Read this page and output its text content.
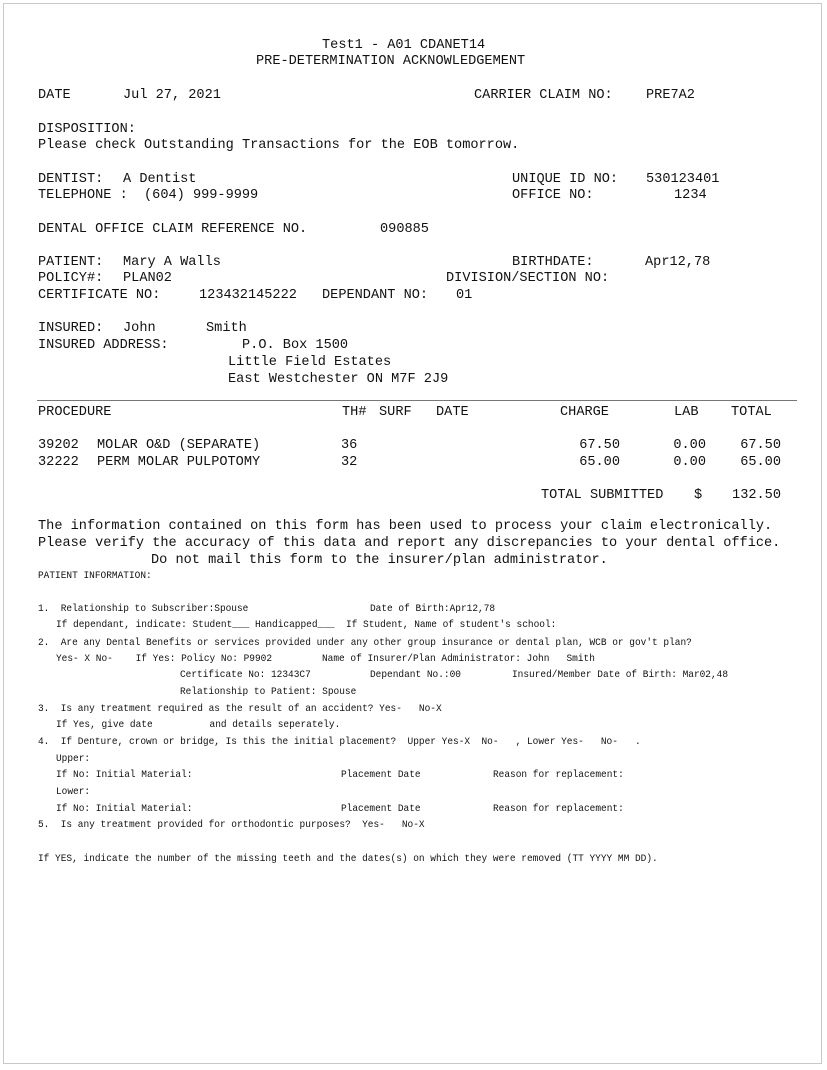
Test1 - A01 CDANET14
PRE-DETERMINATION ACKNOWLEDGEMENT
DATE	Jul 27, 2021	CARRIER CLAIM NO: PRE7A2
DISPOSITION:
Please check Outstanding Transactions for the EOB tomorrow.
DENTIST: A Dentist	UNIQUE ID NO: 530123401
TELEPHONE : (604) 999-9999	OFFICE NO:	1234
DENTAL OFFICE CLAIM REFERENCE NO.	090885
PATIENT: Mary A Walls	BIRTHDATE:	Apr12,78
POLICY#: PLAN02	DIVISION/SECTION NO:
CERTIFICATE NO:	123432145222 DEPENDANT NO: 01
INSURED: John	Smith
INSURED ADDRESS:	P.O. Box 1500
Little Field Estates
East Westchester ON M7F 2J9
PROCEDURE	TH# SURF DATE	CHARGE	LAB TOTAL
39202 MOLAR O&D (SEPARATE)	36	67.50	0.00	67.50
32222 PERM MOLAR PULPOTOMY	32	65.00	0.00	65.00
TOTAL SUBMITTED $ 132.50
The information contained on this form has been used to process your claim electronically.
Please verify the accuracy of this data and report any discrepancies to your dental office.
Do not mail this form to the insurer/plan administrator.
PATIENT INFORMATION:
1.  Relationship to Subscriber:Spouse	Date of Birth:Apr12,78
If dependant, indicate: Student___ Handicapped___  If Student, Name of student's school:
2.  Are any Dental Benefits or services provided under any other group insurance or dental plan, WCB or gov't plan?
Yes- X No-    If Yes: Policy No: P9902	Name of Insurer/Plan Administrator: John   Smith
Certificate No: 12343C7	Dependant No.:00	Insured/Member Date of Birth: Mar02,48
Relationship to Patient: Spouse
3.  Is any treatment required as the result of an accident? Yes-   No-X
If Yes, give date          and details seperately.
4.  If Denture, crown or bridge, Is this the initial placement?  Upper Yes-X  No-   , Lower Yes-   No-   .
Upper:
If No: Initial Material:	Placement Date	Reason for replacement:
Lower:
If No: Initial Material:	Placement Date	Reason for replacement:
5.  Is any treatment provided for orthodontic purposes?  Yes-   No-X
If YES, indicate the number of the missing teeth and the dates(s) on which they were removed (TT YYYY MM DD).
